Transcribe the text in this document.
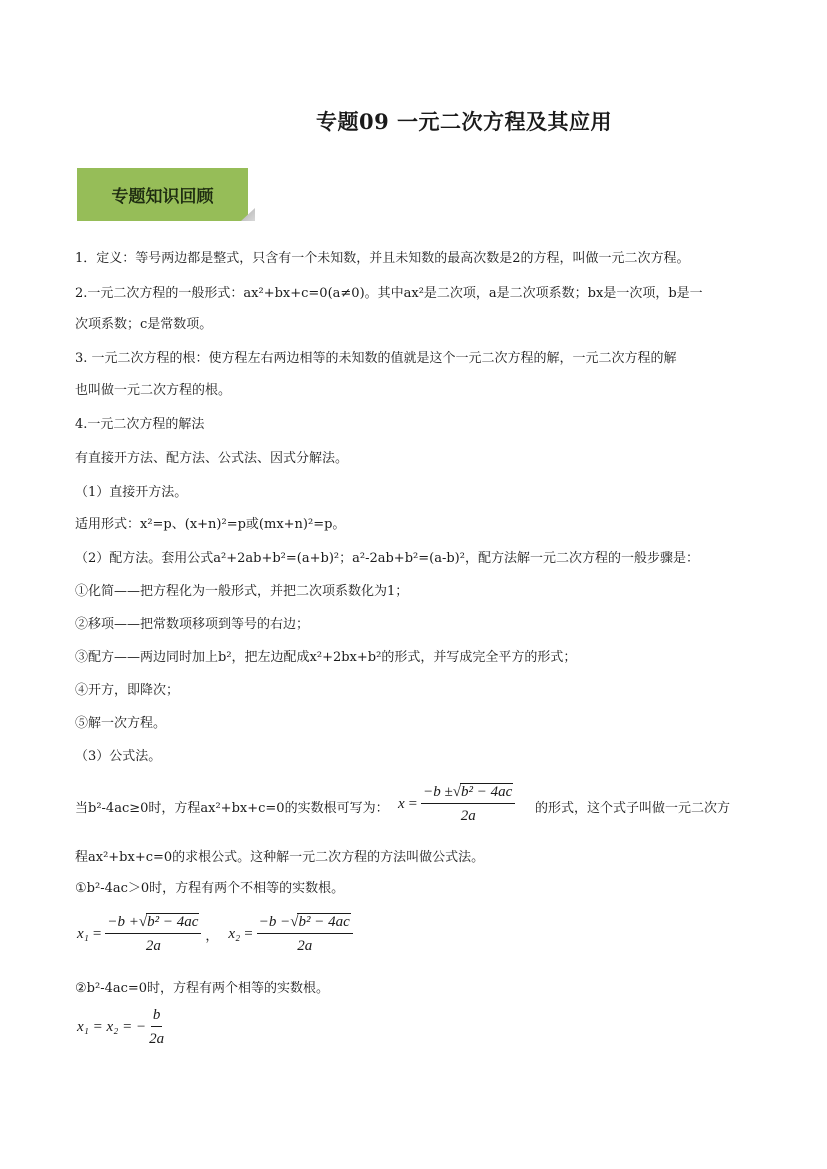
专题09 一元二次方程及其应用
专题知识回顾
1．定义：等号两边都是整式，只含有一个未知数，并且未知数的最高次数是2的方程，叫做一元二次方程。
2.一元二次方程的一般形式：ax²+bx+c=0(a≠0)。其中ax²是二次项，a是二次项系数；bx是一次项，b是一
次项系数；c是常数项。
3. 一元二次方程的根：使方程左右两边相等的未知数的值就是这个一元二次方程的解，一元二次方程的解
也叫做一元二次方程的根。
4.一元二次方程的解法
有直接开方法、配方法、公式法、因式分解法。
（1）直接开方法。
适用形式：x²=p、(x+n)²=p或(mx+n)²=p。
（2）配方法。套用公式a²+2ab+b²=(a+b)²；a²-2ab+b²=(a-b)²，配方法解一元二次方程的一般步骤是：
①化简——把方程化为一般形式，并把二次项系数化为1；
②移项——把常数项移项到等号的右边；
③配方——两边同时加上b²，把左边配成x²+2bx+b²的形式，并写成完全平方的形式；
④开方，即降次；
⑤解一次方程。
（3）公式法。
当b²-4ac≥0时，方程ax²+bx+c=0的实数根可写为： $x = \frac{\text{−b ±√b² − 4ac}}{2a}$ 的形式，这个式子叫做一元二次方
程ax²+bx+c=0的求根公式。这种解一元二次方程的方法叫做公式法。
①b²-4ac＞0时，方程有两个不相等的实数根。
$x_1 = \frac{\text{−b +√b² − 4ac}}{2a}$ ， $x_2 = \frac{\text{−b −√b² − 4ac}}{2a}$
②b²-4ac=0时，方程有两个相等的实数根。
x₁ = x₂ = − $\frac{b}{2a}$
